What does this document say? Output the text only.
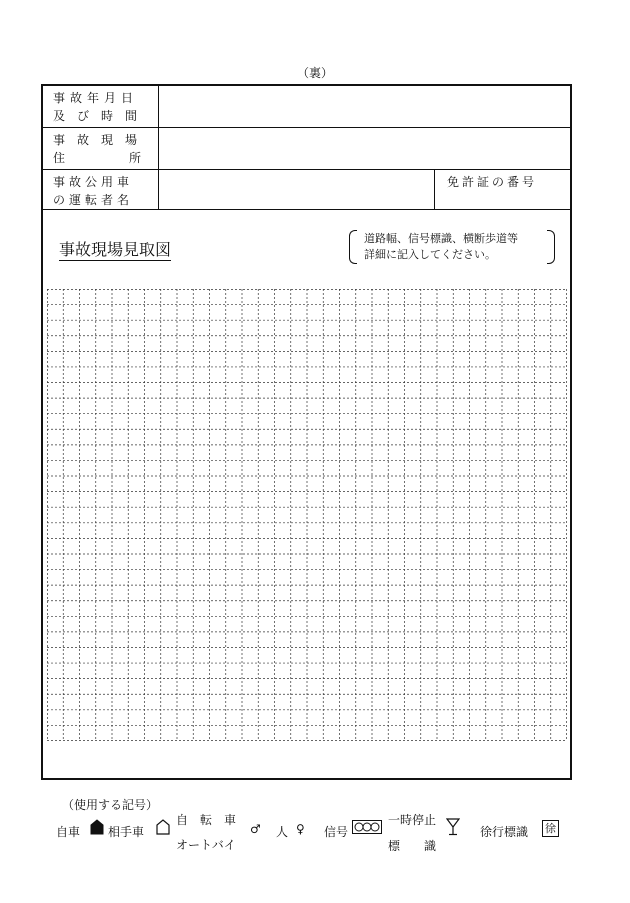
（裏）
事故年月日
及び時間
事故現場
住	所
事故公用車
の運転者名
免許証の番号
事故現場見取図
道路幅、信号標識、横断歩道等
詳細に記入してください。
（使用する記号）
自車 相手車
自　転　車
オートバイ
♂ 人 ♀ 信号
一時停止
標　　識
徐行標識 徐
